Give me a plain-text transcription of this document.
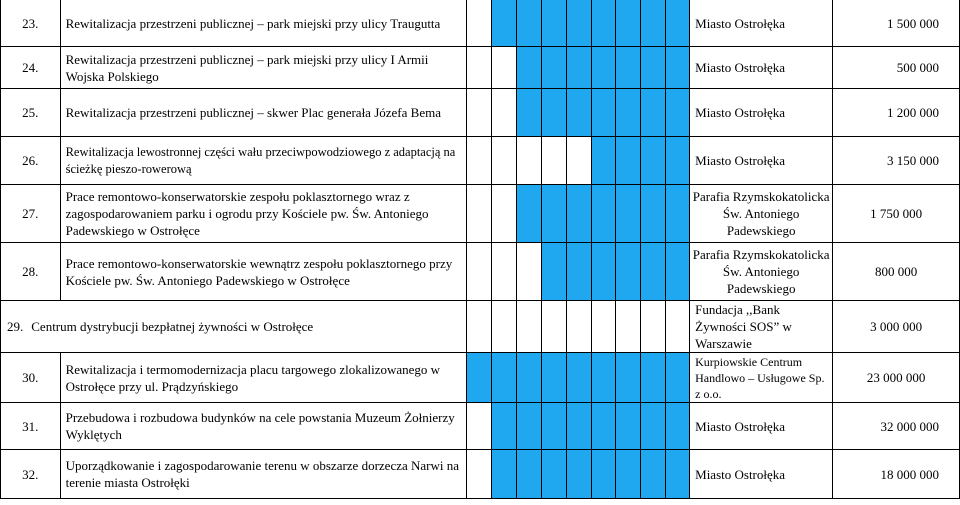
23.	Rewitalizacja przestrzeni publicznej – park miejski przy ulicy Traugutta										Miasto Ostrołęka	1 500 000
24.	Rewitalizacja przestrzeni publicznej – park miejski przy ulicy I Armii Wojska Polskiego										Miasto Ostrołęka	500 000
25.	Rewitalizacja przestrzeni publicznej – skwer Plac generała Józefa Bema										Miasto Ostrołęka	1 200 000
26.	Rewitalizacja lewostronnej części wału przeciwpowodziowego z adaptacją na ścieżkę pieszo-rowerową										Miasto Ostrołęka	3 150 000
27.	Prace remontowo-konserwatorskie zespołu poklasztornego wraz z zagospodarowaniem parku i ogrodu przy Kościele pw. Św. Antoniego Padewskiego w Ostrołęce										Parafia Rzymskokatolicka Św. Antoniego Padewskiego	1 750 000
28.	Prace remontowo-konserwatorskie wewnątrz zespołu poklasztornego przy Kościele pw. Św. Antoniego Padewskiego w Ostrołęce										Parafia Rzymskokatolicka Św. Antoniego Padewskiego	800 000
29. Centrum dystrybucji bezpłatnej żywności w Ostrołęce											Fundacja ,,Bank Żywności SOS” w Warszawie	3 000 000
30.	Rewitalizacja i termomodernizacja placu targowego zlokalizowanego w Ostrołęce przy ul. Prądzyńskiego										Kurpiowskie Centrum Handlowo – Usługowe Sp. z o.o.	23 000 000
31.	Przebudowa i rozbudowa budynków na cele powstania Muzeum Żołnierzy Wyklętych										Miasto Ostrołęka	32 000 000
32.	Uporządkowanie i zagospodarowanie terenu w obszarze dorzecza Narwi na terenie miasta Ostrołęki										Miasto Ostrołęka	18 000 000
